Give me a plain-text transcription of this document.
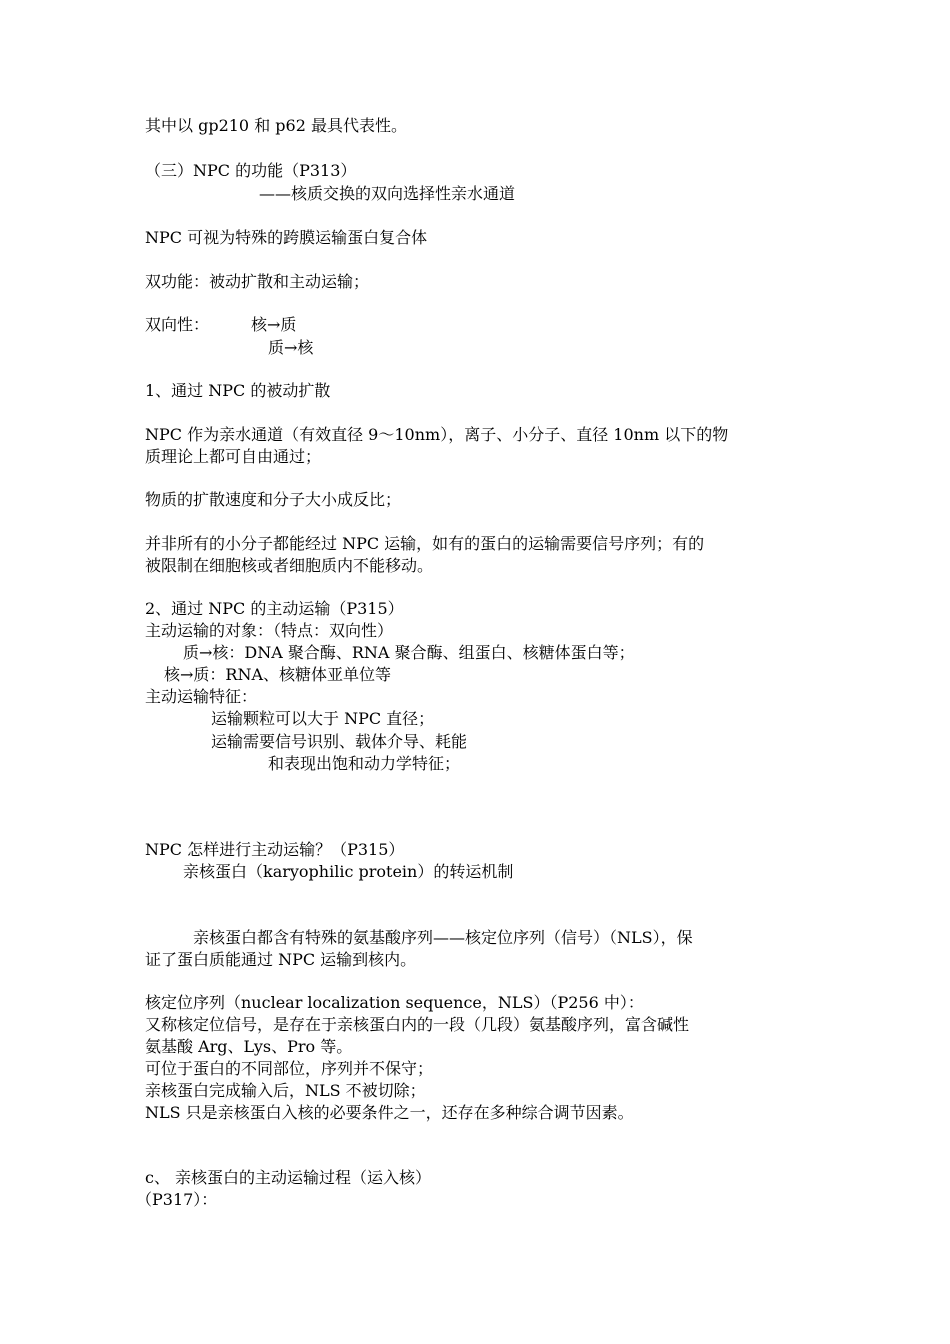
其中以 gp210 和 p62 最具代表性。
（三）NPC 的功能（P313）
——核质交换的双向选择性亲水通道
NPC 可视为特殊的跨膜运输蛋白复合体
双功能：被动扩散和主动运输；
双向性：	核→质
质→核
1、通过 NPC 的被动扩散
NPC 作为亲水通道（有效直径 9～10nm），离子、小分子、直径 10nm 以下的物
质理论上都可自由通过；
物质的扩散速度和分子大小成反比；
并非所有的小分子都能经过 NPC 运输，如有的蛋白的运输需要信号序列；有的
被限制在细胞核或者细胞质内不能移动。
2、通过 NPC 的主动运输（P315）
主动运输的对象：（特点：双向性）
质→核：DNA 聚合酶、RNA 聚合酶、组蛋白、核糖体蛋白等；
核→质：RNA、核糖体亚单位等
主动运输特征：
运输颗粒可以大于 NPC 直径；
运输需要信号识别、载体介导、耗能
和表现出饱和动力学特征；
NPC 怎样进行主动运输？（P315）
亲核蛋白（karyophilic protein）的转运机制
亲核蛋白都含有特殊的氨基酸序列——核定位序列（信号）（NLS），保
证了蛋白质能通过 NPC 运输到核内。
核定位序列（nuclear localization sequence，NLS）（P256 中）：
又称核定位信号，是存在于亲核蛋白内的一段（几段）氨基酸序列，富含碱性
氨基酸 Arg、Lys、Pro 等。
可位于蛋白的不同部位，序列并不保守；
亲核蛋白完成输入后，NLS 不被切除；
NLS 只是亲核蛋白入核的必要条件之一，还存在多种综合调节因素。
c、 亲核蛋白的主动运输过程（运入核）
（P317）：
